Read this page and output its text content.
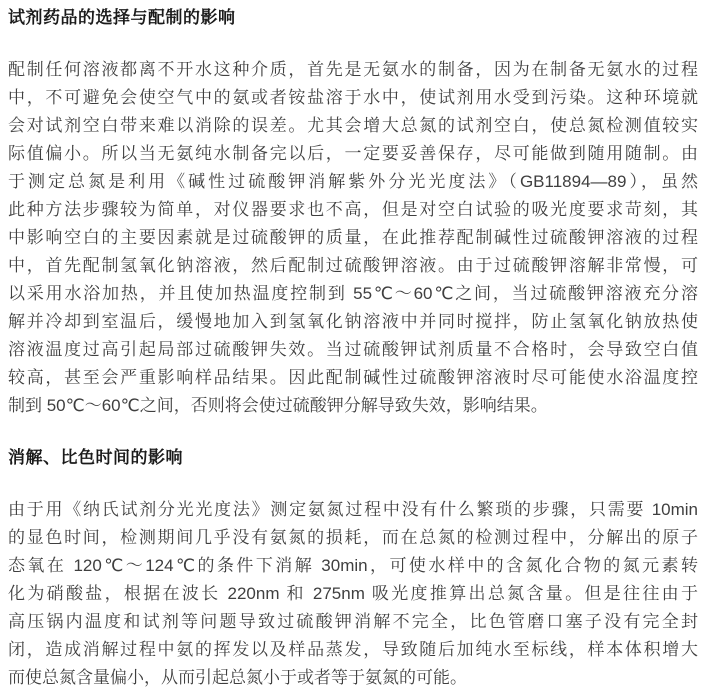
试剂药品的选择与配制的影响
配制任何溶液都离不开水这种介质，首先是无氨水的制备，因为在制备无氨水的过程
中，不可避免会使空气中的氨或者铵盐溶于水中，使试剂用水受到污染。这种环境就
会对试剂空白带来难以消除的误差。尤其会增大总氮的试剂空白，使总氮检测值较实
际值偏小。所以当无氨纯水制备完以后，一定要妥善保存，尽可能做到随用随制。由
于测定总氮是利用《碱性过硫酸钾消解紫外分光光度法》（GB11894—89），虽然
此种方法步骤较为简单，对仪器要求也不高，但是对空白试验的吸光度要求苛刻，其
中影响空白的主要因素就是过硫酸钾的质量，在此推荐配制碱性过硫酸钾溶液的过程
中，首先配制氢氧化钠溶液，然后配制过硫酸钾溶液。由于过硫酸钾溶解非常慢，可
以采用水浴加热，并且使加热温度控制到 55℃～60℃之间，当过硫酸钾溶液充分溶
解并冷却到室温后，缓慢地加入到氢氧化钠溶液中并同时搅拌，防止氢氧化钠放热使
溶液温度过高引起局部过硫酸钾失效。当过硫酸钾试剂质量不合格时，会导致空白值
较高，甚至会严重影响样品结果。因此配制碱性过硫酸钾溶液时尽可能使水浴温度控
制到 50℃～60℃之间，否则将会使过硫酸钾分解导致失效，影响结果。
消解、比色时间的影响
由于用《纳氏试剂分光光度法》测定氨氮过程中没有什么繁琐的步骤，只需要 10min
的显色时间，检测期间几乎没有氨氮的损耗，而在总氮的检测过程中，分解出的原子
态氧在 120℃～124℃的条件下消解 30min，可使水样中的含氮化合物的氮元素转
化为硝酸盐，根据在波长 220nm 和 275nm 吸光度推算出总氮含量。但是往往由于
高压锅内温度和试剂等问题导致过硫酸钾消解不完全，比色管磨口塞子没有完全封
闭，造成消解过程中氨的挥发以及样品蒸发，导致随后加纯水至标线，样本体积增大
而使总氮含量偏小，从而引起总氮小于或者等于氨氮的可能。
